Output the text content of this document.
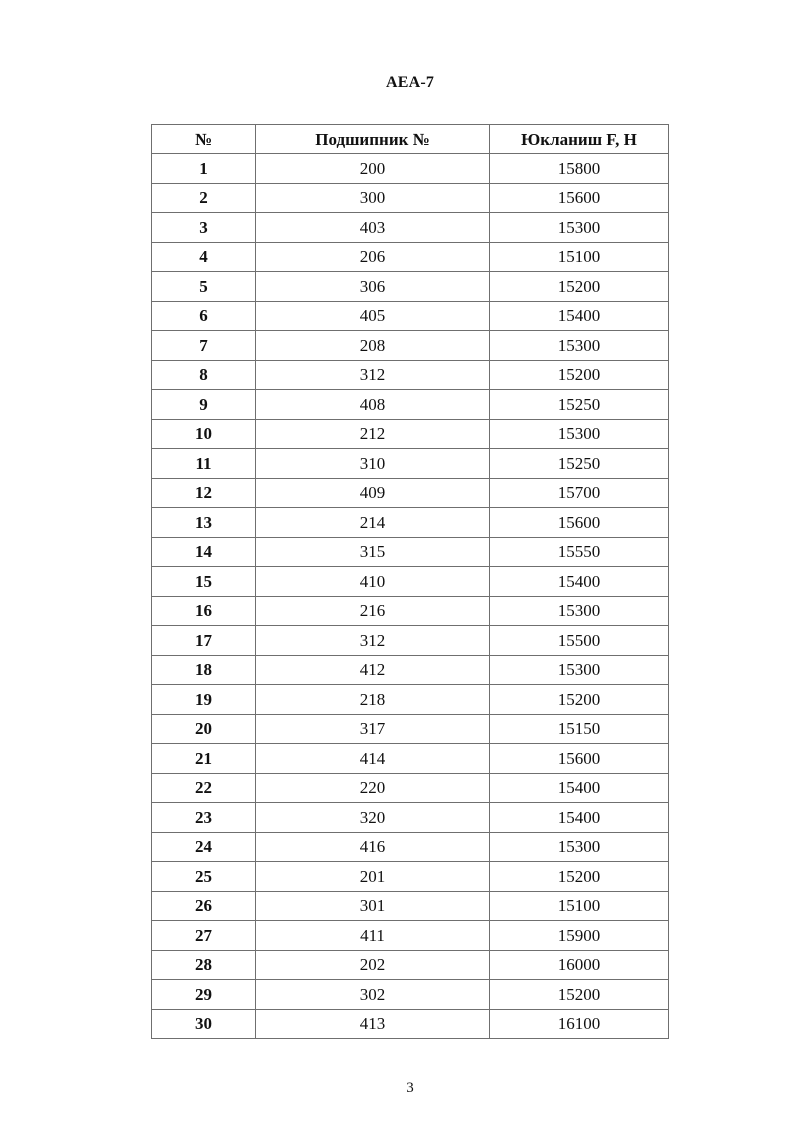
AEA-7
№	Подшипник №	Юкланиш F, H
1	200	15800
2	300	15600
3	403	15300
4	206	15100
5	306	15200
6	405	15400
7	208	15300
8	312	15200
9	408	15250
10	212	15300
11	310	15250
12	409	15700
13	214	15600
14	315	15550
15	410	15400
16	216	15300
17	312	15500
18	412	15300
19	218	15200
20	317	15150
21	414	15600
22	220	15400
23	320	15400
24	416	15300
25	201	15200
26	301	15100
27	411	15900
28	202	16000
29	302	15200
30	413	16100
3
